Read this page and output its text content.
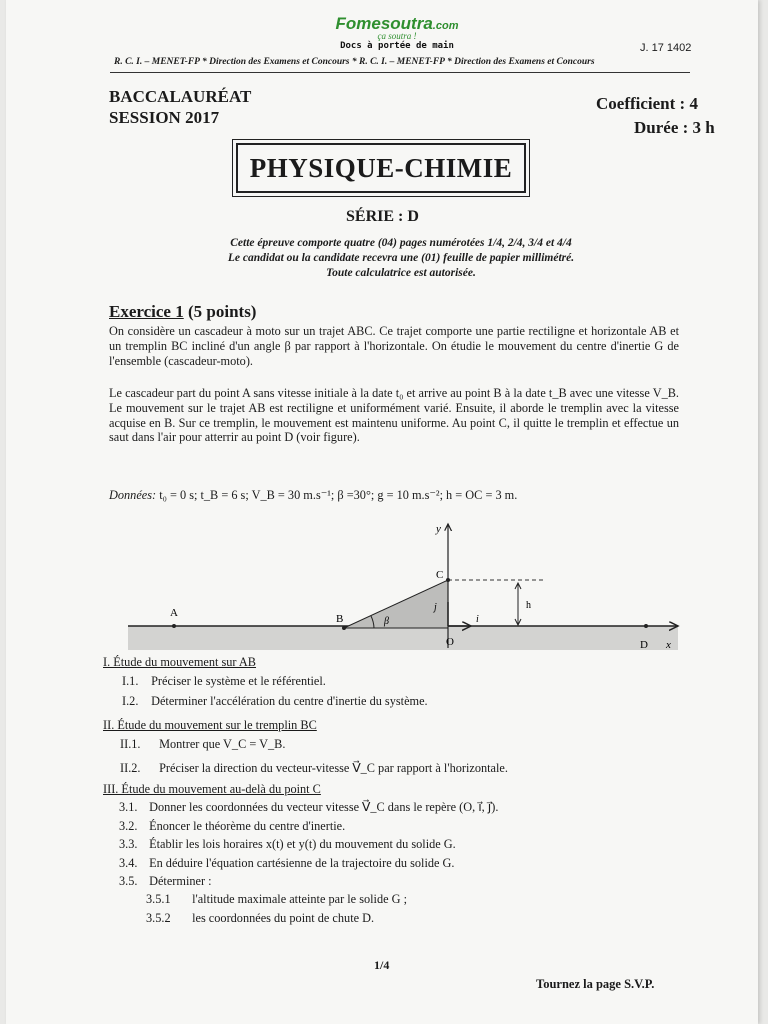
Fomesoutra.com
ça soutra !
Docs à portée de main	J. 17 1402
R. C. I. – MENET-FP * Direction des Examens et Concours * R. C. I. – MENET-FP * Direction des Examens et Concours
BACCALAURÉAT
SESSION 2017
Coefficient : 4
Durée : 3 h
PHYSIQUE-CHIMIE
SÉRIE : D
Cette épreuve comporte quatre (04) pages numérotées 1/4, 2/4, 3/4 et 4/4
Le candidat ou la candidate recevra une (01) feuille de papier millimétré.
Toute calculatrice est autorisée.
Exercice 1 (5 points)
On considère un cascadeur à moto sur un trajet ABC. Ce trajet comporte une partie rectiligne et horizontale AB et un tremplin BC incliné d'un angle β par rapport à l'horizontale. On étudie le mouvement du centre d'inertie G de l'ensemble (cascadeur-moto).
Le cascadeur part du point A sans vitesse initiale à la date t₀ et arrive au point B à la date t_B avec une vitesse V_B. Le mouvement sur le trajet AB est rectiligne et uniformément varié. Ensuite, il aborde le tremplin avec la vitesse acquise en B. Sur ce tremplin, le mouvement est maintenu uniforme. Au point C, il quitte le tremplin et effectue un saut dans l'air pour atterrir au point D (voir figure).
Données: t₀ = 0 s; t_B = 6 s; V_B = 30 m.s⁻¹; β =30°; g = 10 m.s⁻²; h = OC = 3 m.
A	B
C
O	D x
y
h
β	i⃗
j⃗
I. Étude du mouvement sur AB
I.1. Préciser le système et le référentiel.
I.2. Déterminer l'accélération du centre d'inertie du système.
II. Étude du mouvement sur le tremplin BC
II.1. Montrer que V_C = V_B.
II.2. Préciser la direction du vecteur-vitesse V⃗_C par rapport à l'horizontale.
III. Étude du mouvement au-delà du point C
3.1. Donner les coordonnées du vecteur vitesse V⃗_C dans le repère (O, i⃗, j⃗).
3.2. Énoncer le théorème du centre d'inertie.
3.3. Établir les lois horaires x(t) et y(t) du mouvement du solide G.
3.4. En déduire l'équation cartésienne de la trajectoire du solide G.
3.5. Déterminer :
3.5.1 l'altitude maximale atteinte par le solide G ;
3.5.2 les coordonnées du point de chute D.
1/4
Tournez la page S.V.P.
